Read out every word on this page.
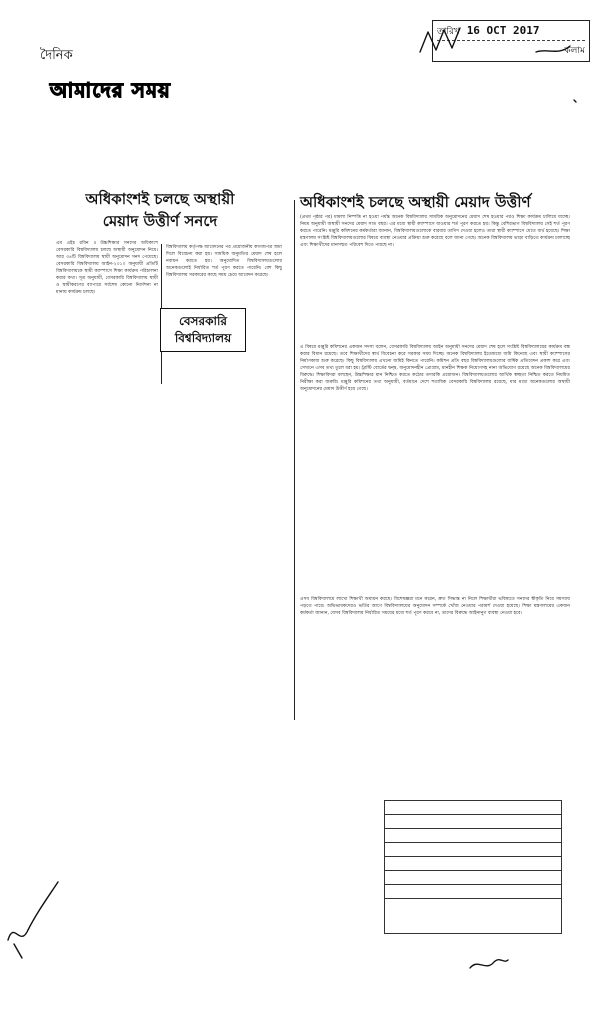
তারিখ 16 OCT 2017
কলাম
দৈনিক
আমাদের সময়
অধিকাংশই চলছে অস্থায়ী
মেয়াদ উত্তীর্ণ সনদে
এম এইচ রবিন ॥ উচ্চশিক্ষার সনদের অধিকাংশ বেসরকারি বিশ্ববিদ্যালয় চলছে অস্থায়ী অনুমোদন নিয়ে। আর ৩৪টি বিশ্ববিদ্যালয় স্থায়ী অনুমোদন সনদ পেয়েছে। বেসরকারি বিশ্ববিদ্যালয় আইন-২০১০ অনুযায়ী প্রতিটি বিশ্ববিদ্যালয়কে স্থায়ী ক্যাম্পাসে শিক্ষা কার্যক্রম পরিচালনা করার কথা। সূত্র অনুযায়ী, বেসরকারি বিশ্ববিদ্যালয় স্থায়ী ও স্থায়ীকরণের ব্যাপারে সর্বশেষ কোনো নির্দেশনা না মানায় কার্যক্রম চলছে।
বিশ্ববিদ্যালয় কর্তৃপক্ষ আবেদনের পর প্রয়োজনীয় কাগজপত্র জমা দিলে বিবেচনা করা হয়। সাময়িক অনুমতির মেয়াদ শেষ হলে নবায়ন করতে হয়। অনুমোদিত বিশ্ববিদ্যালয়গুলোর অনেকগুলোই নির্ধারিত শর্ত পূরণ করতে পারেনি। বেশ কিছু বিশ্ববিদ্যালয় সরকারের কাছে সময় চেয়ে আবেদন করেছে।
বেসরকারি বিশ্ববিদ্যালয়
অধিকাংশই চলছে অস্থায়ী মেয়াদ উত্তীর্ণ
(প্রথম পৃষ্ঠার পর) মামলা নিষ্পত্তি না হওয়া পর্যন্ত অনেক বিশ্ববিদ্যালয় সাময়িক অনুমোদনের মেয়াদ শেষ হওয়ার পরও শিক্ষা কার্যক্রম চালিয়ে যাচ্ছে। নিয়ম অনুযায়ী অস্থায়ী সনদের মেয়াদ সাত বছর। এর মধ্যে স্থায়ী ক্যাম্পাসে যাওয়ার শর্ত পূরণ করতে হয়। কিন্তু বেশিরভাগ বিশ্ববিদ্যালয় সেই শর্ত পূরণ করতে পারেনি। মঞ্জুরি কমিশনের কর্মকর্তারা জানান, বিশ্ববিদ্যালয়গুলোকে বারবার তাগিদ দেওয়া হলেও তারা স্থায়ী ক্যাম্পাসে যেতে ব্যর্থ হয়েছে। শিক্ষা মন্ত্রণালয় সংশ্লিষ্ট বিশ্ববিদ্যালয়গুলোর বিষয়ে ব্যবস্থা নেওয়ার প্রক্রিয়া শুরু করেছে বলে জানা গেছে। অনেক বিশ্ববিদ্যালয় ভাড়া বাড়িতে কার্যক্রম চালাচ্ছে এবং শিক্ষার্থীদের মানসম্মত পরিবেশ দিতে পারছে না।
এ বিষয়ে মঞ্জুরি কমিশনের একজন সদস্য বলেন, বেসরকারি বিশ্ববিদ্যালয় আইন অনুযায়ী সনদের মেয়াদ শেষ হলে সংশ্লিষ্ট বিশ্ববিদ্যালয়ের কার্যক্রম বন্ধ করার বিধান রয়েছে। তবে শিক্ষার্থীদের স্বার্থ বিবেচনা করে সরকার সময় দিচ্ছে। অনেক বিশ্ববিদ্যালয় ইতোমধ্যে জমি কিনেছে এবং স্থায়ী ক্যাম্পাসের নির্মাণকাজ শুরু করেছে। কিছু বিশ্ববিদ্যালয় এখনো জমিই কিনতে পারেনি। কমিশন প্রতি বছর বিশ্ববিদ্যালয়গুলোর বার্ষিক প্রতিবেদন প্রকাশ করে এবং সেখানে এসব তথ্য তুলে ধরা হয়। ট্রাস্টি বোর্ডের দ্বন্দ্ব, অনুমোদনহীন প্রোগ্রাম, মানহীন শিক্ষক নিয়োগসহ নানা অভিযোগ রয়েছে অনেক বিশ্ববিদ্যালয়ের বিরুদ্ধে। শিক্ষাবিদরা বলছেন, উচ্চশিক্ষার মান নিশ্চিত করতে কঠোর তদারকি প্রয়োজন। বিশ্ববিদ্যালয়গুলোর আর্থিক স্বচ্ছতা নিশ্চিত করতে নিয়মিত নিরীক্ষা করা জরুরি। মঞ্জুরি কমিশনের তথ্য অনুযায়ী, বর্তমানে দেশে শতাধিক বেসরকারি বিশ্ববিদ্যালয় রয়েছে, যার মধ্যে অনেকগুলোর অস্থায়ী অনুমোদনের মেয়াদ উত্তীর্ণ হয়ে গেছে।
এসব বিশ্ববিদ্যালয়ে লাখো শিক্ষার্থী অধ্যয়ন করছে। বিশেষজ্ঞরা মনে করেন, দ্রুত সিদ্ধান্ত না নিলে শিক্ষার্থীরা ভবিষ্যতে সনদের স্বীকৃতি নিয়ে সমস্যায় পড়তে পারে। অভিভাবকদেরও ভর্তির আগে বিশ্ববিদ্যালয়ের অনুমোদন সম্পর্কে খোঁজ নেওয়ার পরামর্শ দেওয়া হয়েছে। শিক্ষা মন্ত্রণালয়ের একজন কর্মকর্তা জানান, যেসব বিশ্ববিদ্যালয় নির্ধারিত সময়ের মধ্যে শর্ত পূরণ করবে না, তাদের বিরুদ্ধে আইনানুগ ব্যবস্থা নেওয়া হবে।
